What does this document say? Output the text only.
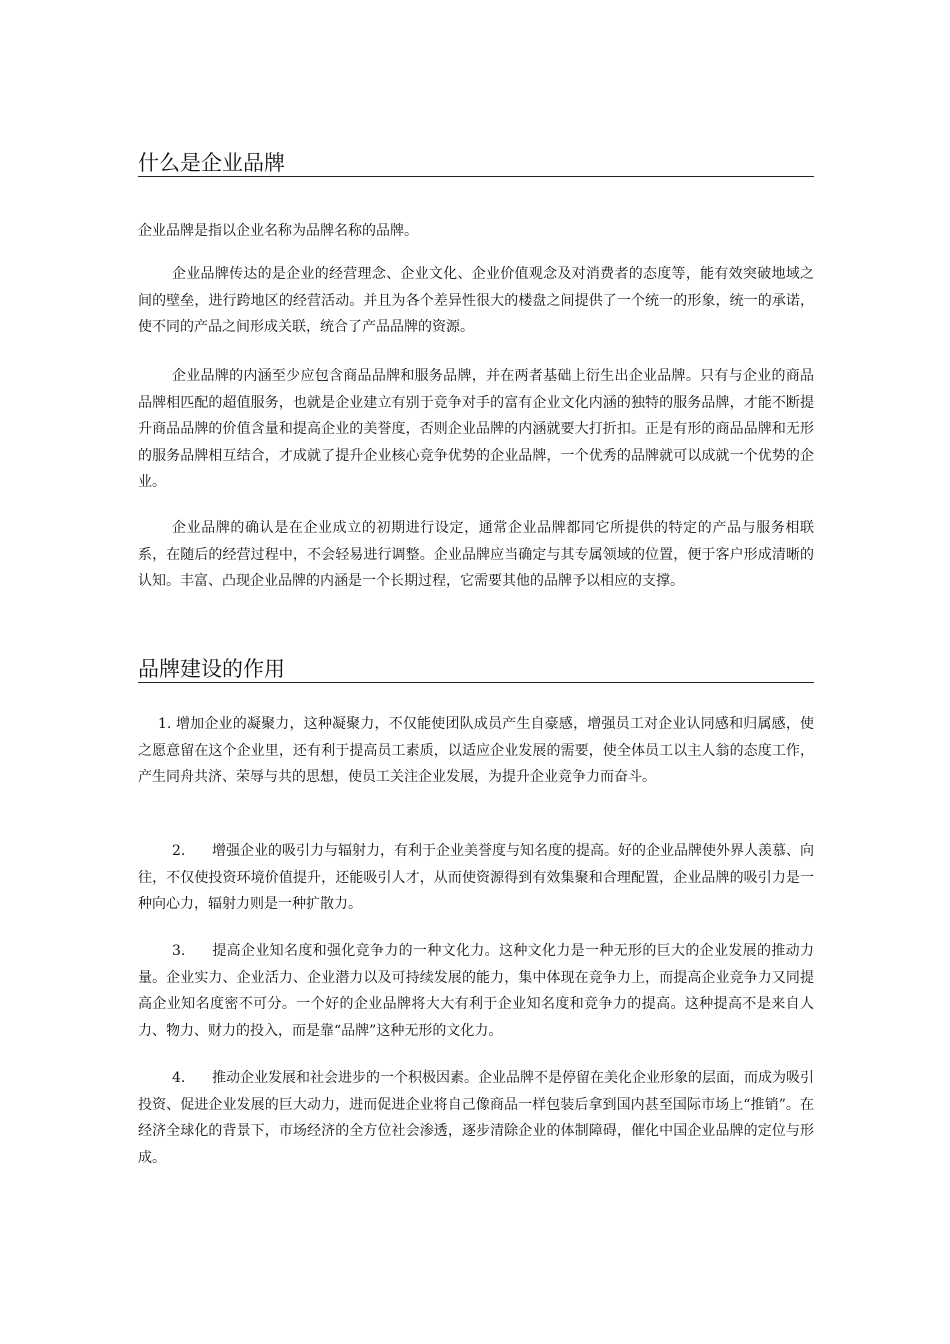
什么是企业品牌

企业品牌是指以企业名称为品牌名称的品牌。

企业品牌传达的是企业的经营理念、企业文化、企业价值观念及对消费者的态度等，能有效突破地域之间的壁垒，进行跨地区的经营活动。并且为各个差异性很大的楼盘之间提供了一个统一的形象，统一的承诺，使不同的产品之间形成关联，统合了产品品牌的资源。

企业品牌的内涵至少应包含商品品牌和服务品牌，并在两者基础上衍生出企业品牌。只有与企业的商品品牌相匹配的超值服务，也就是企业建立有别于竞争对手的富有企业文化内涵的独特的服务品牌，才能不断提升商品品牌的价值含量和提高企业的美誉度，否则企业品牌的内涵就要大打折扣。正是有形的商品品牌和无形的服务品牌相互结合，才成就了提升企业核心竞争优势的企业品牌，一个优秀的品牌就可以成就一个优势的企业。

企业品牌的确认是在企业成立的初期进行设定，通常企业品牌都同它所提供的特定的产品与服务相联系，在随后的经营过程中，不会轻易进行调整。企业品牌应当确定与其专属领域的位置，便于客户形成清晰的认知。丰富、凸现企业品牌的内涵是一个长期过程，它需要其他的品牌予以相应的支撑。

品牌建设的作用

1. 增加企业的凝聚力，这种凝聚力，不仅能使团队成员产生自豪感，增强员工对企业认同感和归属感，使之愿意留在这个企业里，还有利于提高员工素质，以适应企业发展的需要，使全体员工以主人翁的态度工作，产生同舟共济、荣辱与共的思想，使员工关注企业发展，为提升企业竞争力而奋斗。

2. 增强企业的吸引力与辐射力，有利于企业美誉度与知名度的提高。好的企业品牌使外界人羡慕、向往，不仅使投资环境价值提升，还能吸引人才，从而使资源得到有效集聚和合理配置，企业品牌的吸引力是一种向心力，辐射力则是一种扩散力。

3. 提高企业知名度和强化竞争力的一种文化力。这种文化力是一种无形的巨大的企业发展的推动力量。企业实力、企业活力、企业潜力以及可持续发展的能力，集中体现在竞争力上，而提高企业竞争力又同提高企业知名度密不可分。一个好的企业品牌将大大有利于企业知名度和竞争力的提高。这种提高不是来自人力、物力、财力的投入，而是靠“品牌”这种无形的文化力。

4. 推动企业发展和社会进步的一个积极因素。企业品牌不是停留在美化企业形象的层面，而成为吸引投资、促进企业发展的巨大动力，进而促进企业将自己像商品一样包装后拿到国内甚至国际市场上“推销”。在经济全球化的背景下，市场经济的全方位社会渗透，逐步清除企业的体制障碍，催化中国企业品牌的定位与形成。
